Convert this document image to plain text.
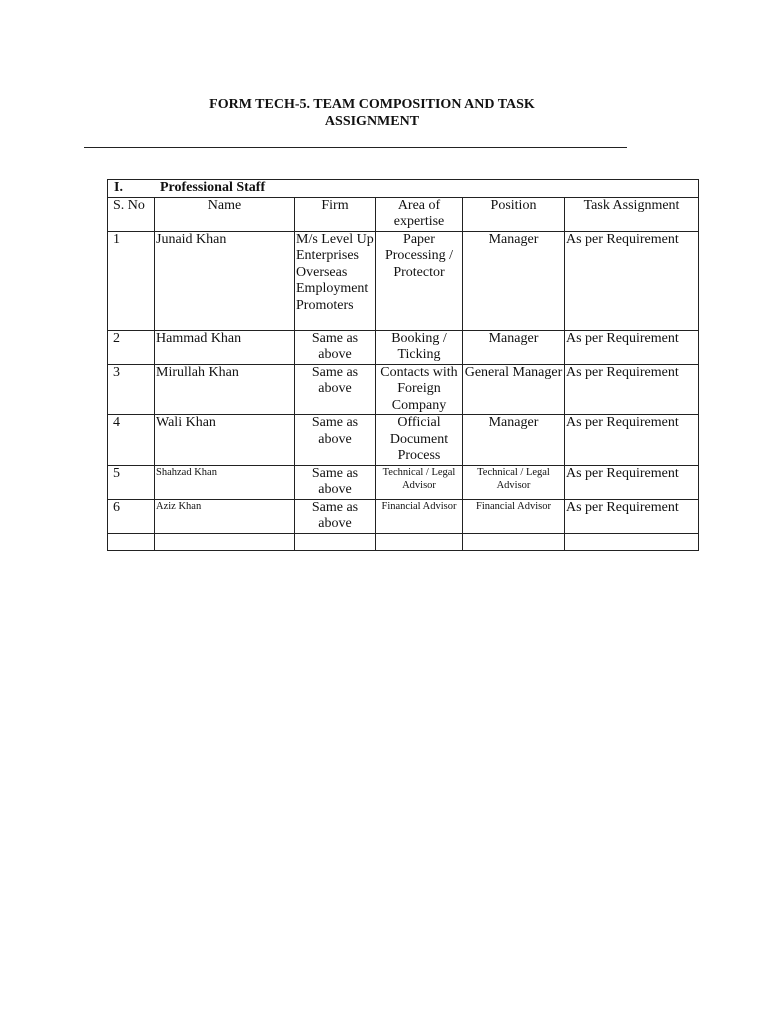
FORM TECH-5. TEAM COMPOSITION AND TASK
ASSIGNMENT
I. Professional Staff					
S. No	Name	Firm	Area of expertise	Position	Task Assignment
1	Junaid Khan	M/s Level Up Enterprises Overseas Employment Promoters	Paper Processing / Protector	Manager	As per Requirement
2	Hammad Khan	Same as above	Booking / Ticking	Manager	As per Requirement
3	Mirullah Khan	Same as above	Contacts with Foreign Company	General Manager	As per Requirement
4	Wali Khan	Same as above	Official Document Process	Manager	As per Requirement
5	Shahzad Khan	Same as above	Technical / Legal Advisor	Technical / Legal Advisor	As per Requirement
6	Aziz Khan	Same as above	Financial Advisor	Financial Advisor	As per Requirement
